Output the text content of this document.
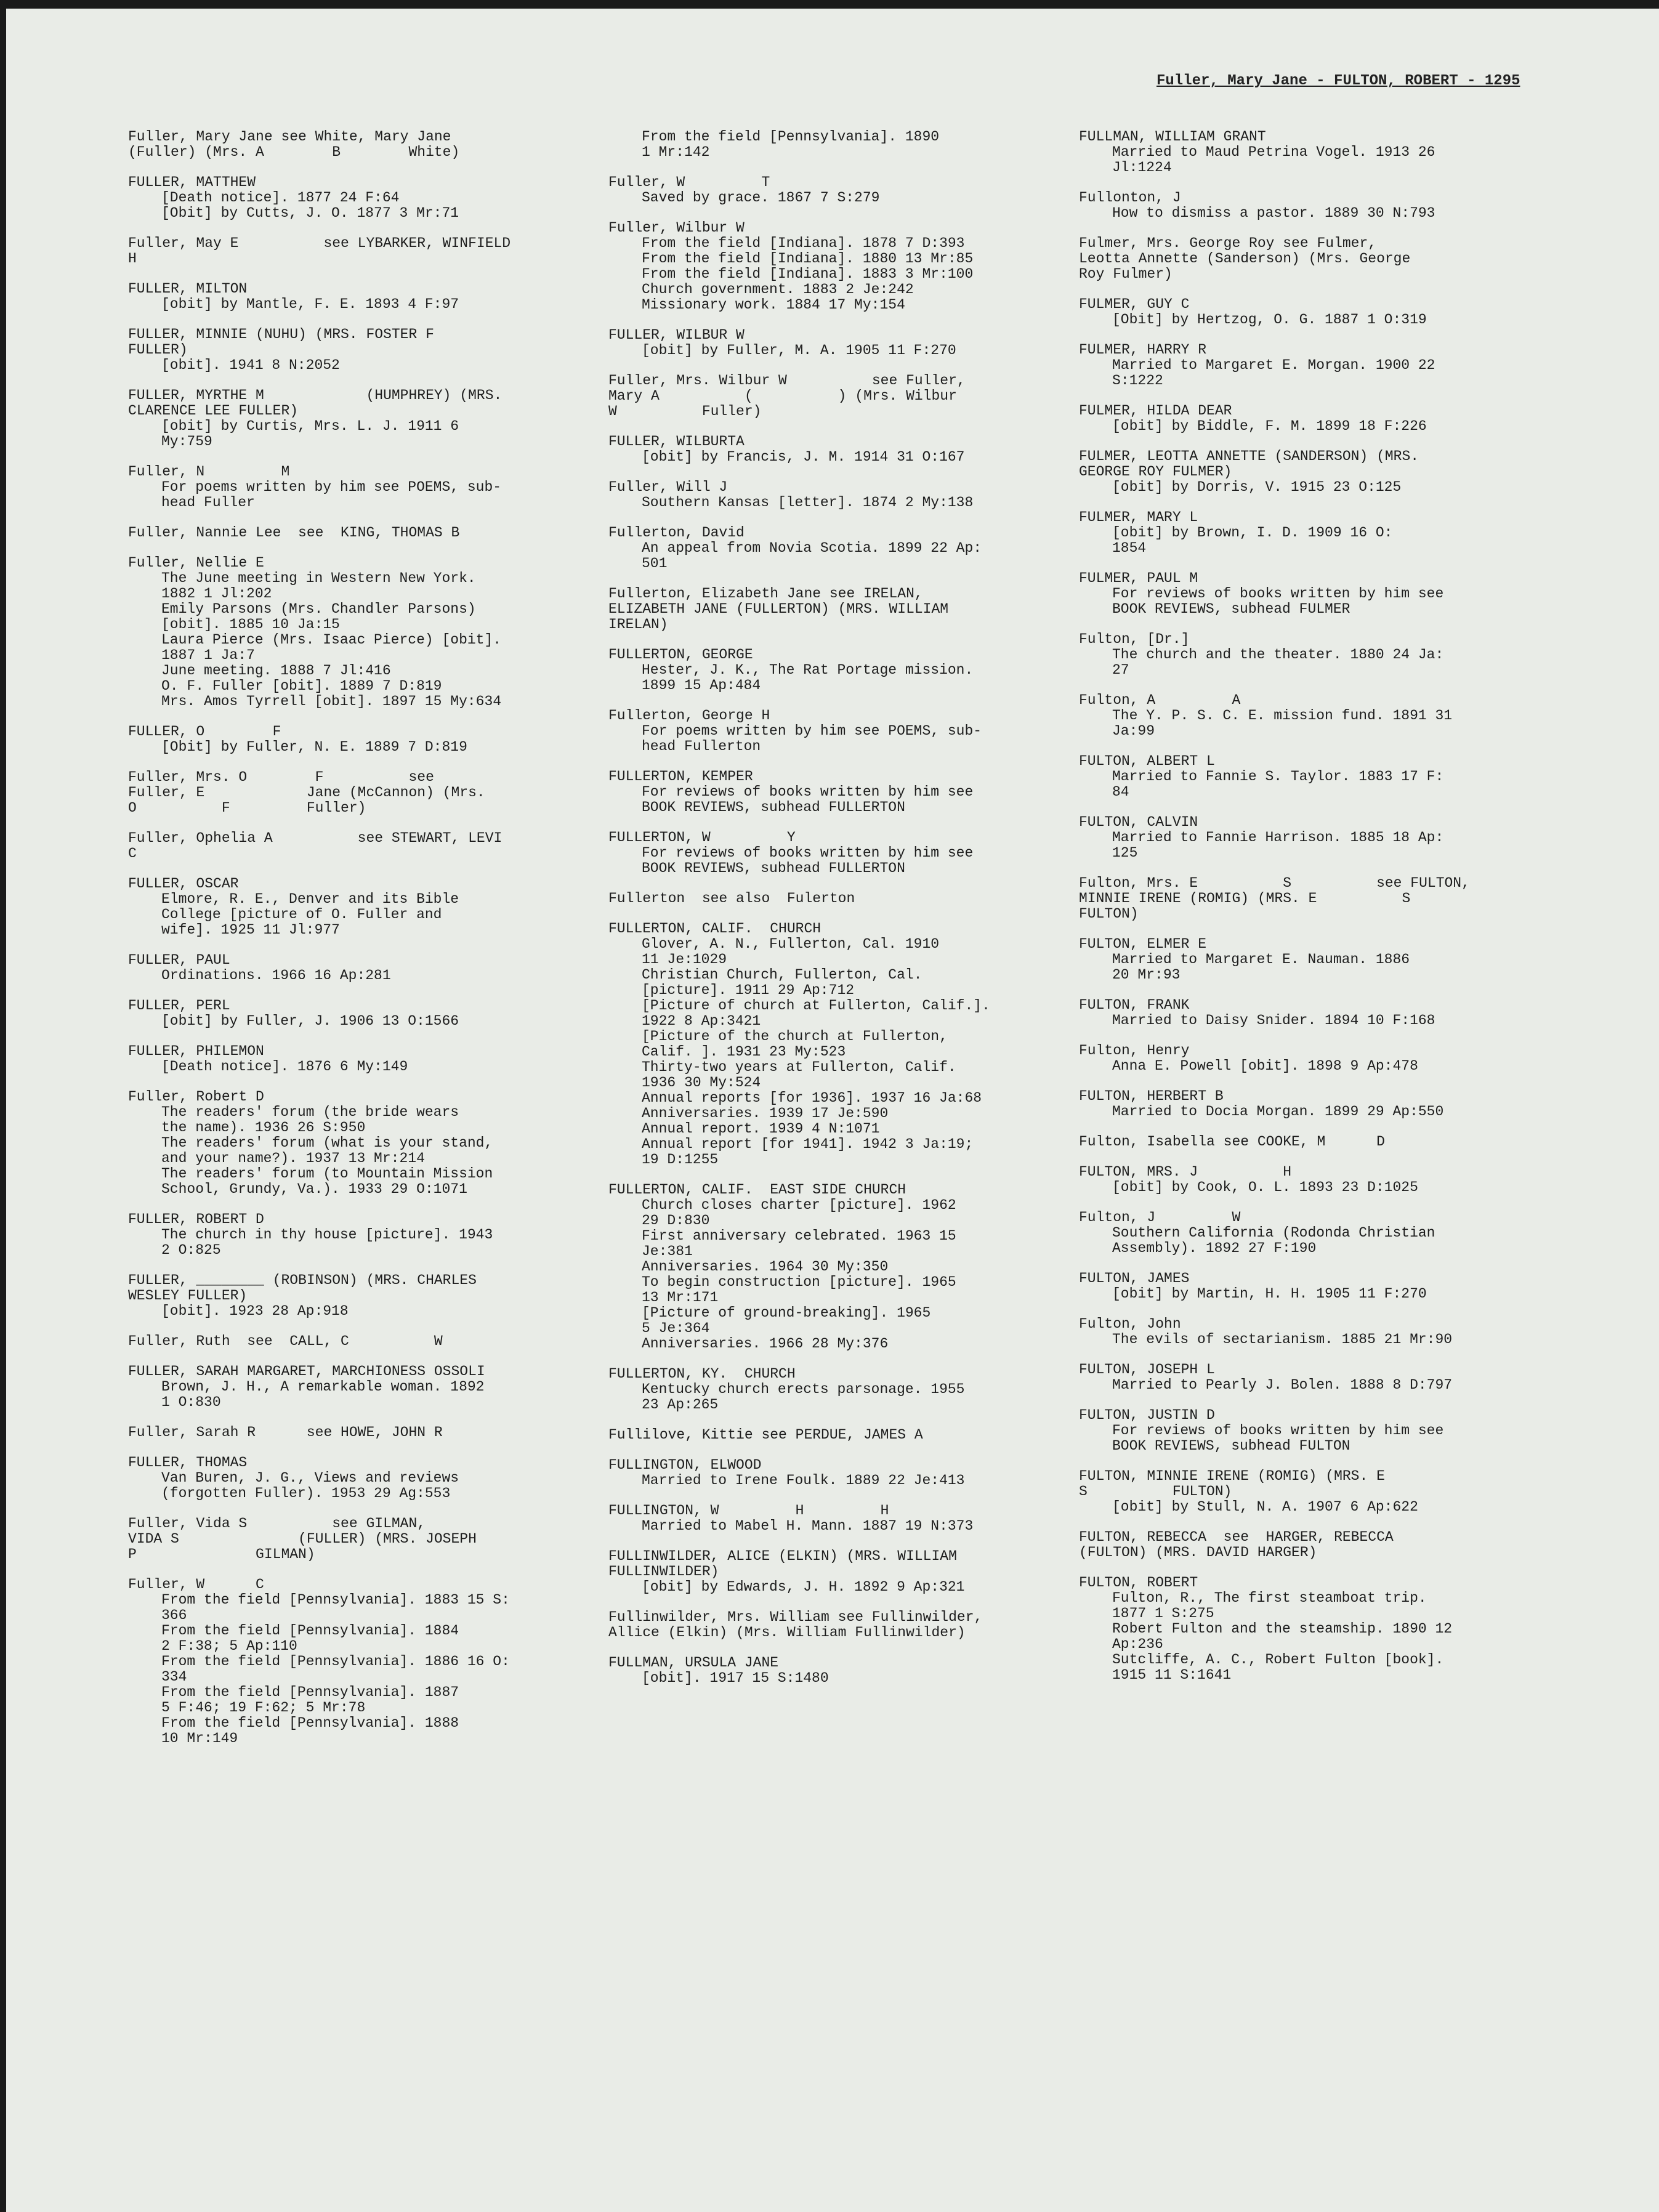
Fuller, Mary Jane - FULTON, ROBERT - 1295
Fuller, Mary Jane see White, Mary Jane
(Fuller) (Mrs. A        B        White)
FULLER, MATTHEW
[Death notice]. 1877 24 F:64
[Obit] by Cutts, J. O. 1877 3 Mr:71
Fuller, May E          see LYBARKER, WINFIELD
H
FULLER, MILTON
[obit] by Mantle, F. E. 1893 4 F:97
FULLER, MINNIE (NUHU) (MRS. FOSTER F
FULLER)
[obit]. 1941 8 N:2052
FULLER, MYRTHE M            (HUMPHREY) (MRS.
CLARENCE LEE FULLER)
[obit] by Curtis, Mrs. L. J. 1911 6
My:759
Fuller, N         M
For poems written by him see POEMS, sub-
head Fuller
Fuller, Nannie Lee  see  KING, THOMAS B
Fuller, Nellie E
The June meeting in Western New York.
1882 1 Jl:202
Emily Parsons (Mrs. Chandler Parsons)
[obit]. 1885 10 Ja:15
Laura Pierce (Mrs. Isaac Pierce) [obit].
1887 1 Ja:7
June meeting. 1888 7 Jl:416
O. F. Fuller [obit]. 1889 7 D:819
Mrs. Amos Tyrrell [obit]. 1897 15 My:634
FULLER, O        F
[Obit] by Fuller, N. E. 1889 7 D:819
Fuller, Mrs. O        F          see
Fuller, E            Jane (McCannon) (Mrs.
O          F         Fuller)
Fuller, Ophelia A          see STEWART, LEVI
C
FULLER, OSCAR
Elmore, R. E., Denver and its Bible
College [picture of O. Fuller and
wife]. 1925 11 Jl:977
FULLER, PAUL
Ordinations. 1966 16 Ap:281
FULLER, PERL
[obit] by Fuller, J. 1906 13 O:1566
FULLER, PHILEMON
[Death notice]. 1876 6 My:149
Fuller, Robert D
The readers' forum (the bride wears
the name). 1936 26 S:950
The readers' forum (what is your stand,
and your name?). 1937 13 Mr:214
The readers' forum (to Mountain Mission
School, Grundy, Va.). 1933 29 O:1071
FULLER, ROBERT D
The church in thy house [picture]. 1943
2 O:825
FULLER, ________ (ROBINSON) (MRS. CHARLES
WESLEY FULLER)
[obit]. 1923 28 Ap:918
Fuller, Ruth  see  CALL, C          W
FULLER, SARAH MARGARET, MARCHIONESS OSSOLI
Brown, J. H., A remarkable woman. 1892
1 O:830
Fuller, Sarah R      see HOWE, JOHN R
FULLER, THOMAS
Van Buren, J. G., Views and reviews
(forgotten Fuller). 1953 29 Ag:553
Fuller, Vida S          see GILMAN,
VIDA S              (FULLER) (MRS. JOSEPH
P              GILMAN)
Fuller, W      C
From the field [Pennsylvania]. 1883 15 S:
366
From the field [Pennsylvania]. 1884
2 F:38; 5 Ap:110
From the field [Pennsylvania]. 1886 16 O:
334
From the field [Pennsylvania]. 1887
5 F:46; 19 F:62; 5 Mr:78
From the field [Pennsylvania]. 1888
10 Mr:149
From the field [Pennsylvania]. 1890
1 Mr:142
Fuller, W         T
Saved by grace. 1867 7 S:279
Fuller, Wilbur W
From the field [Indiana]. 1878 7 D:393
From the field [Indiana]. 1880 13 Mr:85
From the field [Indiana]. 1883 3 Mr:100
Church government. 1883 2 Je:242
Missionary work. 1884 17 My:154
FULLER, WILBUR W
[obit] by Fuller, M. A. 1905 11 F:270
Fuller, Mrs. Wilbur W          see Fuller,
Mary A          (          ) (Mrs. Wilbur
W          Fuller)
FULLER, WILBURTA
[obit] by Francis, J. M. 1914 31 O:167
Fuller, Will J
Southern Kansas [letter]. 1874 2 My:138
Fullerton, David
An appeal from Novia Scotia. 1899 22 Ap:
501
Fullerton, Elizabeth Jane see IRELAN,
ELIZABETH JANE (FULLERTON) (MRS. WILLIAM
IRELAN)
FULLERTON, GEORGE
Hester, J. K., The Rat Portage mission.
1899 15 Ap:484
Fullerton, George H
For poems written by him see POEMS, sub-
head Fullerton
FULLERTON, KEMPER
For reviews of books written by him see
BOOK REVIEWS, subhead FULLERTON
FULLERTON, W         Y
For reviews of books written by him see
BOOK REVIEWS, subhead FULLERTON
Fullerton  see also  Fulerton
FULLERTON, CALIF.  CHURCH
Glover, A. N., Fullerton, Cal. 1910
11 Je:1029
Christian Church, Fullerton, Cal.
[picture]. 1911 29 Ap:712
[Picture of church at Fullerton, Calif.].
1922 8 Ap:3421
[Picture of the church at Fullerton,
Calif. ]. 1931 23 My:523
Thirty-two years at Fullerton, Calif.
1936 30 My:524
Annual reports [for 1936]. 1937 16 Ja:68
Anniversaries. 1939 17 Je:590
Annual report. 1939 4 N:1071
Annual report [for 1941]. 1942 3 Ja:19;
19 D:1255
FULLERTON, CALIF.  EAST SIDE CHURCH
Church closes charter [picture]. 1962
29 D:830
First anniversary celebrated. 1963 15
Je:381
Anniversaries. 1964 30 My:350
To begin construction [picture]. 1965
13 Mr:171
[Picture of ground-breaking]. 1965
5 Je:364
Anniversaries. 1966 28 My:376
FULLERTON, KY.  CHURCH
Kentucky church erects parsonage. 1955
23 Ap:265
Fullilove, Kittie see PERDUE, JAMES A
FULLINGTON, ELWOOD
Married to Irene Foulk. 1889 22 Je:413
FULLINGTON, W         H         H
Married to Mabel H. Mann. 1887 19 N:373
FULLINWILDER, ALICE (ELKIN) (MRS. WILLIAM
FULLINWILDER)
[obit] by Edwards, J. H. 1892 9 Ap:321
Fullinwilder, Mrs. William see Fullinwilder,
Allice (Elkin) (Mrs. William Fullinwilder)
FULLMAN, URSULA JANE
[obit]. 1917 15 S:1480
FULLMAN, WILLIAM GRANT
Married to Maud Petrina Vogel. 1913 26
Jl:1224
Fullonton, J
How to dismiss a pastor. 1889 30 N:793
Fulmer, Mrs. George Roy see Fulmer,
Leotta Annette (Sanderson) (Mrs. George
Roy Fulmer)
FULMER, GUY C
[Obit] by Hertzog, O. G. 1887 1 O:319
FULMER, HARRY R
Married to Margaret E. Morgan. 1900 22
S:1222
FULMER, HILDA DEAR
[obit] by Biddle, F. M. 1899 18 F:226
FULMER, LEOTTA ANNETTE (SANDERSON) (MRS.
GEORGE ROY FULMER)
[obit] by Dorris, V. 1915 23 O:125
FULMER, MARY L
[obit] by Brown, I. D. 1909 16 O:
1854
FULMER, PAUL M
For reviews of books written by him see
BOOK REVIEWS, subhead FULMER
Fulton, [Dr.]
The church and the theater. 1880 24 Ja:
27
Fulton, A         A
The Y. P. S. C. E. mission fund. 1891 31
Ja:99
FULTON, ALBERT L
Married to Fannie S. Taylor. 1883 17 F:
84
FULTON, CALVIN
Married to Fannie Harrison. 1885 18 Ap:
125
Fulton, Mrs. E          S          see FULTON,
MINNIE IRENE (ROMIG) (MRS. E          S
FULTON)
FULTON, ELMER E
Married to Margaret E. Nauman. 1886
20 Mr:93
FULTON, FRANK
Married to Daisy Snider. 1894 10 F:168
Fulton, Henry
Anna E. Powell [obit]. 1898 9 Ap:478
FULTON, HERBERT B
Married to Docia Morgan. 1899 29 Ap:550
Fulton, Isabella see COOKE, M      D
FULTON, MRS. J          H
[obit] by Cook, O. L. 1893 23 D:1025
Fulton, J         W
Southern California (Rodonda Christian
Assembly). 1892 27 F:190
FULTON, JAMES
[obit] by Martin, H. H. 1905 11 F:270
Fulton, John
The evils of sectarianism. 1885 21 Mr:90
FULTON, JOSEPH L
Married to Pearly J. Bolen. 1888 8 D:797
FULTON, JUSTIN D
For reviews of books written by him see
BOOK REVIEWS, subhead FULTON
FULTON, MINNIE IRENE (ROMIG) (MRS. E
S          FULTON)
[obit] by Stull, N. A. 1907 6 Ap:622
FULTON, REBECCA  see  HARGER, REBECCA
(FULTON) (MRS. DAVID HARGER)
FULTON, ROBERT
Fulton, R., The first steamboat trip.
1877 1 S:275
Robert Fulton and the steamship. 1890 12
Ap:236
Sutcliffe, A. C., Robert Fulton [book].
1915 11 S:1641
